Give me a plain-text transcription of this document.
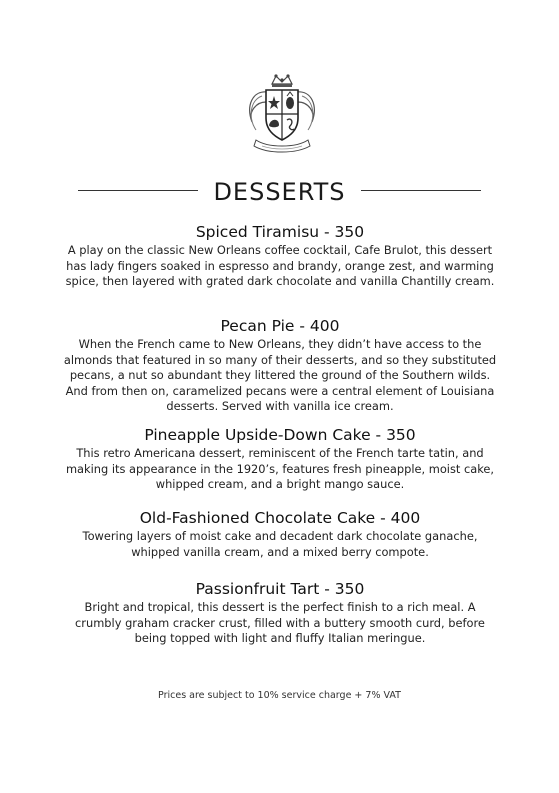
DESSERTS
Spiced Tiramisu - 350
A play on the classic New Orleans coffee cocktail, Cafe Brulot, this dessert has lady fingers soaked in espresso and brandy, orange zest, and warming spice, then layered with grated dark chocolate and vanilla Chantilly cream.
Pecan Pie - 400
When the French came to New Orleans, they didn’t have access to the almonds that featured in so many of their desserts, and so they substituted pecans, a nut so abundant they littered the ground of the Southern wilds. And from then on, caramelized pecans were a central element of Louisiana desserts. Served with vanilla ice cream.
Pineapple Upside-Down Cake - 350
This retro Americana dessert, reminiscent of the French tarte tatin, and making its appearance in the 1920’s, features fresh pineapple, moist cake, whipped cream, and a bright mango sauce.
Old-Fashioned Chocolate Cake - 400
Towering layers of moist cake and decadent dark chocolate ganache, whipped vanilla cream, and a mixed berry compote.
Passionfruit Tart - 350
Bright and tropical, this dessert is the perfect finish to a rich meal. A crumbly graham cracker crust, filled with a buttery smooth curd, before being topped with light and fluffy Italian meringue.
Prices are subject to 10% service charge + 7% VAT
